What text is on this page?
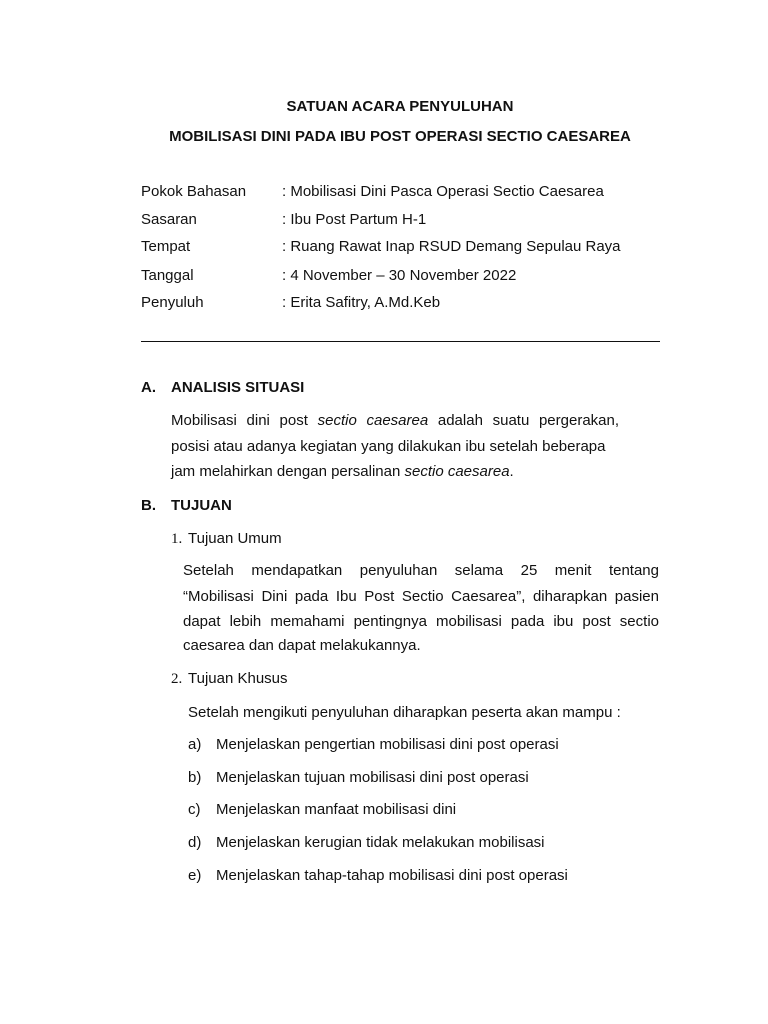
SATUAN ACARA PENYULUHAN
MOBILISASI DINI PADA IBU POST OPERASI SECTIO CAESAREA
Pokok Bahasan : Mobilisasi Dini Pasca Operasi Sectio Caesarea
Sasaran	: Ibu Post Partum H-1
Tempat	: Ruang Rawat Inap RSUD Demang Sepulau Raya
Tanggal	: 4 November – 30 November 2022
Penyuluh	: Erita Safitry, A.Md.Keb
A. ANALISIS SITUASI
Mobilisasi dini post sectio caesarea adalah suatu pergerakan,
posisi atau adanya kegiatan yang dilakukan ibu setelah beberapa
jam melahirkan dengan persalinan sectio caesarea.
B. TUJUAN
1. Tujuan Umum
Setelah mendapatkan penyuluhan selama 25 menit tentang
“Mobilisasi Dini pada Ibu Post Sectio Caesarea”, diharapkan pasien
dapat lebih memahami pentingnya mobilisasi pada ibu post sectio
caesarea dan dapat melakukannya.
2. Tujuan Khusus
Setelah mengikuti penyuluhan diharapkan peserta akan mampu :
a) Menjelaskan pengertian mobilisasi dini post operasi
b) Menjelaskan tujuan mobilisasi dini post operasi
c) Menjelaskan manfaat mobilisasi dini
d) Menjelaskan kerugian tidak melakukan mobilisasi
e) Menjelaskan tahap-tahap mobilisasi dini post operasi
